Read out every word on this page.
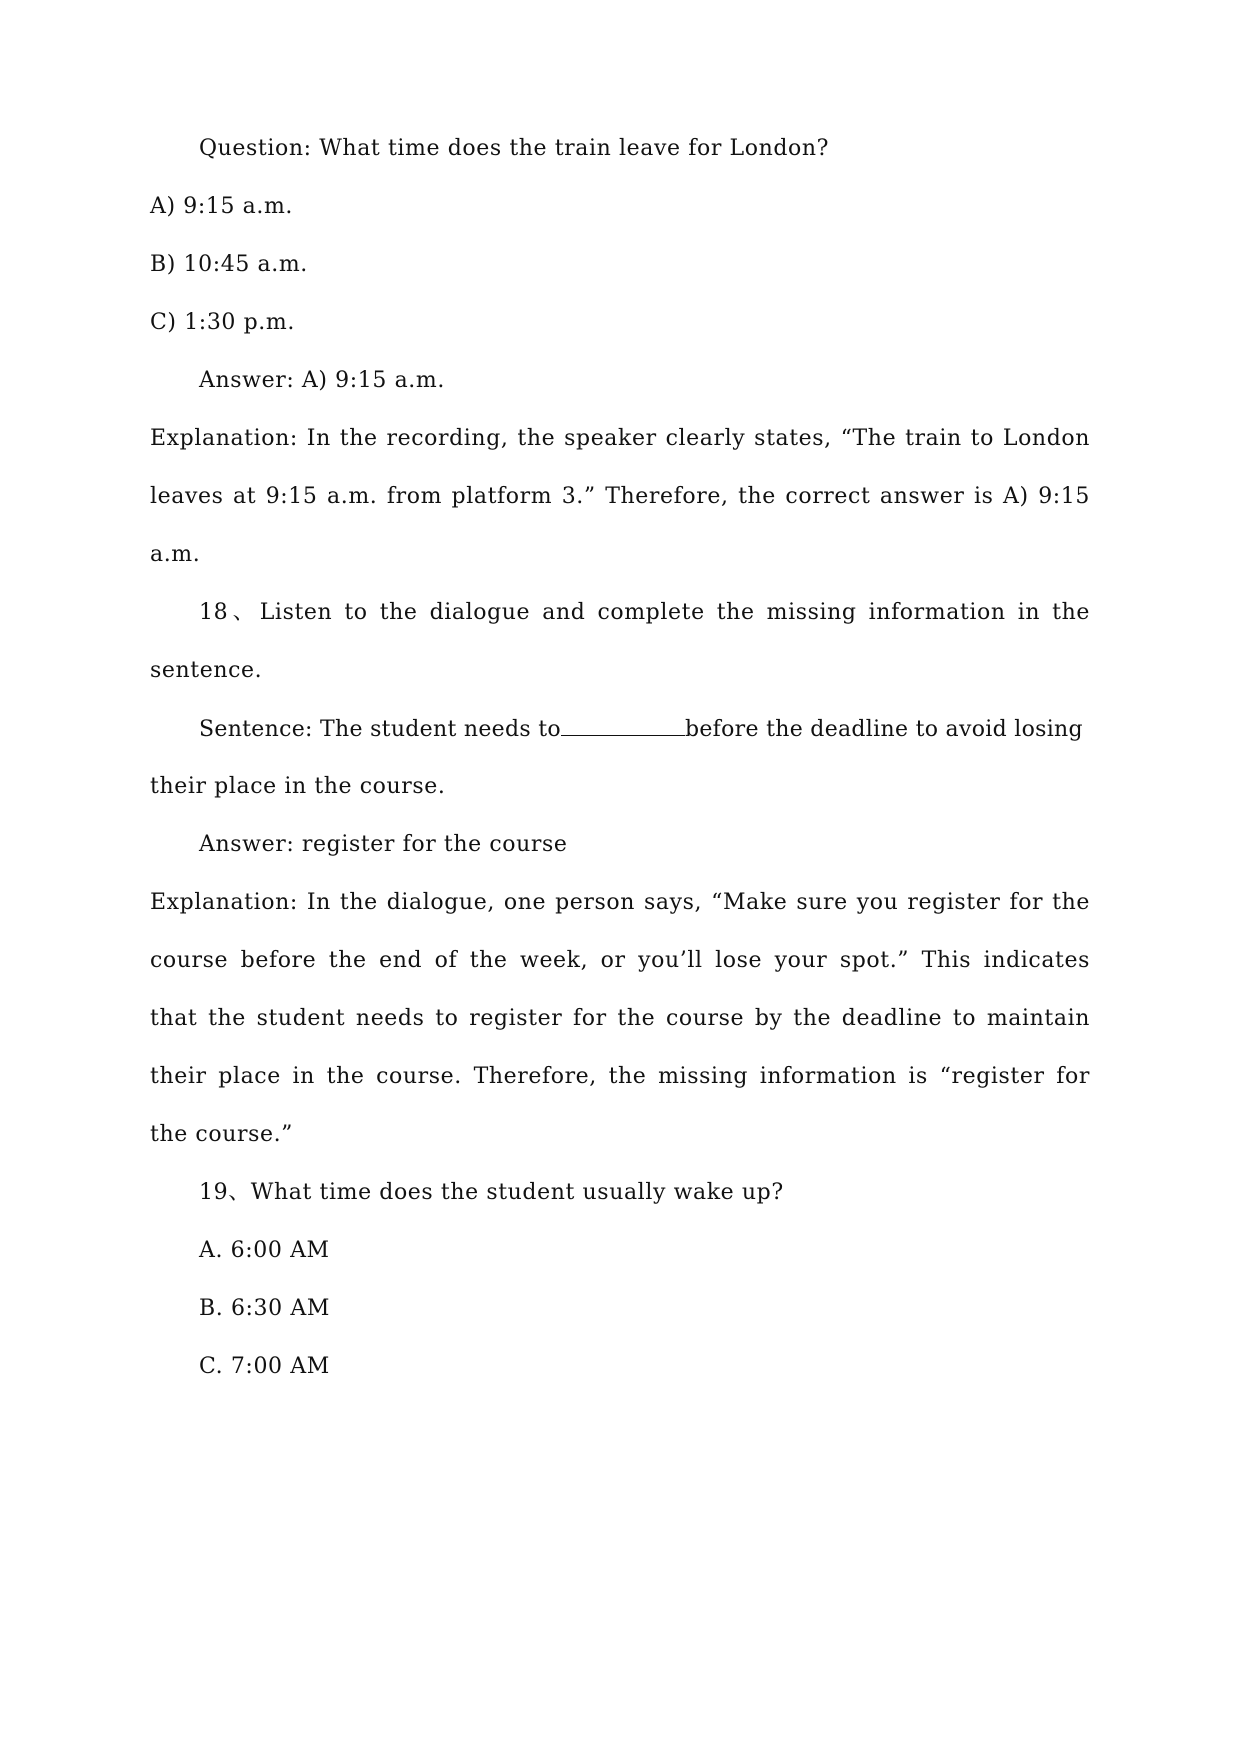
Question: What time does the train leave for London?
A) 9:15 a.m.
B) 10:45 a.m.
C) 1:30 p.m.
Answer: A) 9:15 a.m.
Explanation: In the recording, the speaker clearly states, “The train to London
leaves at 9:15 a.m. from platform 3.” Therefore, the correct answer is A) 9:15
a.m.
18、Listen to the dialogue and complete the missing information in the
sentence.
Sentence: The student needs to	before the deadline to avoid losing
their place in the course.
Answer: register for the course
Explanation: In the dialogue, one person says, “Make sure you register for the
course before the end of the week, or you’ll lose your spot.” This indicates
that the student needs to register for the course by the deadline to maintain
their place in the course. Therefore, the missing information is “register for
the course.”
19、What time does the student usually wake up?
A. 6:00 AM
B. 6:30 AM
C. 7:00 AM
